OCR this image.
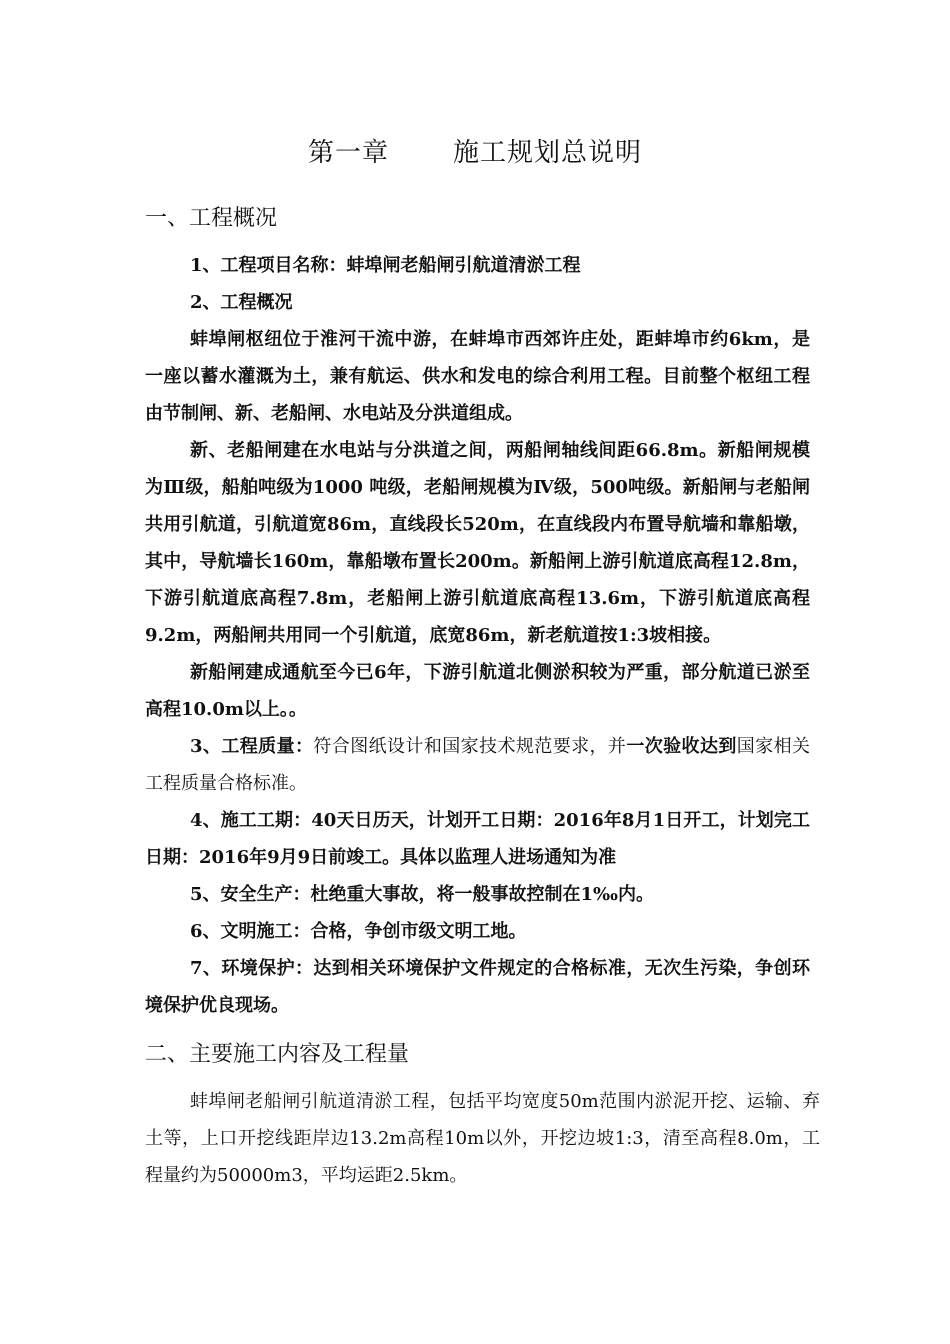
第一章 施工规划总说明
一、工程概况
1、工程项目名称：蚌埠闸老船闸引航道清淤工程
2、工程概况
蚌埠闸枢纽位于淮河干流中游，在蚌埠市西郊许庄处，距蚌埠市约6km，是一座以蓄水灌溉为土，兼有航运、供水和发电的综合利用工程。目前整个枢纽工程由节制闸、新、老船闸、水电站及分洪道组成。
新、老船闸建在水电站与分洪道之间，两船闸轴线间距66.8m。新船闸规模为Ⅲ级，船舶吨级为1000 吨级，老船闸规模为Ⅳ级，500吨级。新船闸与老船闸共用引航道，引航道宽86m，直线段长520m，在直线段内布置导航墙和靠船墩，其中，导航墙长160m，靠船墩布置长200m。新船闸上游引航道底高程12.8m，下游引航道底高程7.8m，老船闸上游引航道底高程13.6m，下游引航道底高程9.2m，两船闸共用同一个引航道，底宽86m，新老航道按1:3坡相接。
新船闸建成通航至今已6年，下游引航道北侧淤积较为严重，部分航道已淤至高程10.0m以上。。
3、工程质量：符合图纸设计和国家技术规范要求，并一次验收达到国家相关工程质量合格标准。
4、施工工期：40天日历天，计划开工日期：2016年8月1日开工，计划完工日期：2016年9月9日前竣工。具体以监理人进场通知为准
5、安全生产：杜绝重大事故，将一般事故控制在1‰内。
6、文明施工：合格，争创市级文明工地。
7、环境保护：达到相关环境保护文件规定的合格标准，无次生污染，争创环境保护优良现场。
二、主要施工内容及工程量
蚌埠闸老船闸引航道清淤工程，包括平均宽度50m范围内淤泥开挖、运输、弃土等，上口开挖线距岸边13.2m高程10m以外，开挖边坡1:3，清至高程8.0m，工程量约为50000m3，平均运距2.5km。
